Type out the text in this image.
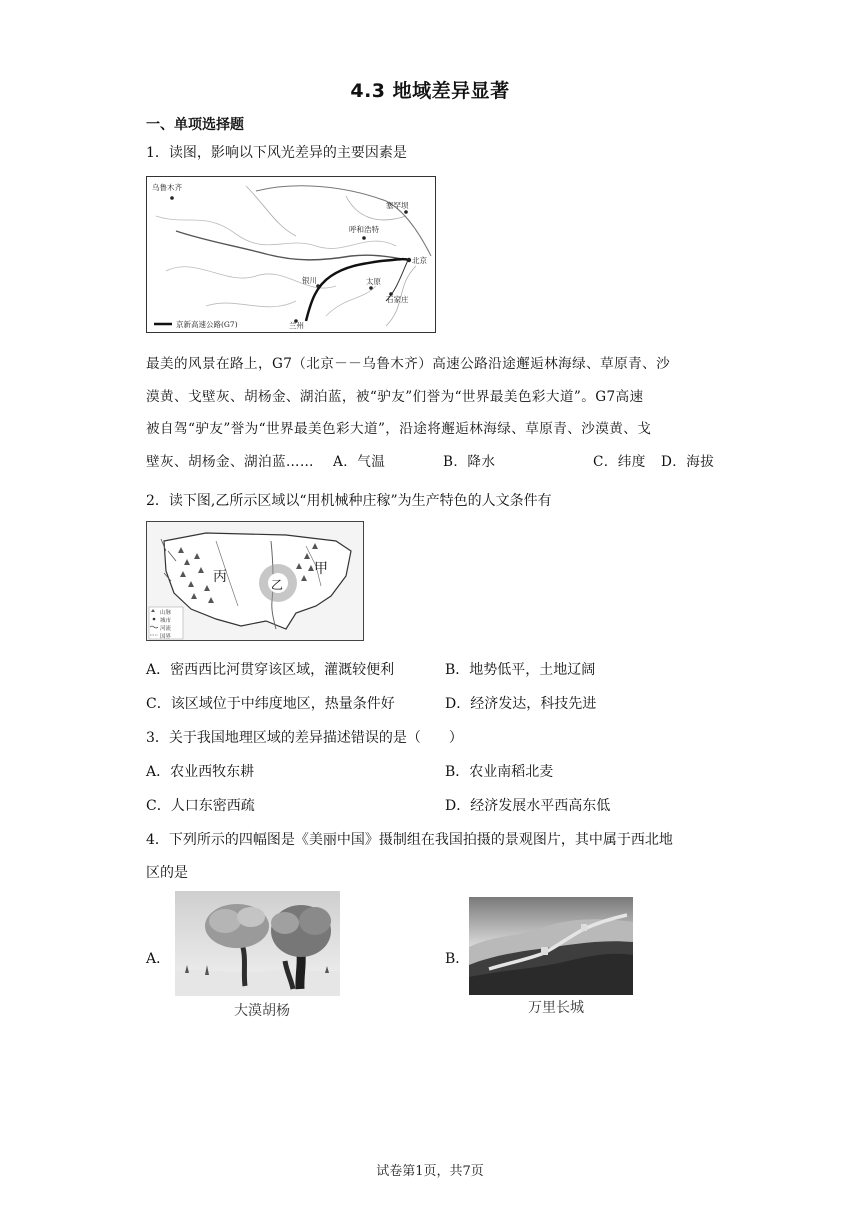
4.3 地域差异显著
一、单项选择题
1．读图，影响以下风光差异的主要因素是
乌鲁木齐
塞罕坝
呼和浩特
北京
银川	太原
石家庄
兰州
京新高速公路(G7)
最美的风景在路上，G7（北京－－乌鲁木齐）高速公路沿途邂逅林海绿、草原青、沙
漠黄、戈壁灰、胡杨金、湖泊蓝，被“驴友”们誉为“世界最美色彩大道”。G7高速
被自驾“驴友”誉为“世界最美色彩大道”，沿途将邂逅林海绿、草原青、沙漠黄、戈
壁灰、胡杨金、湖泊蓝…… A．气温	B．降水	C．纬度 D．海拔
2．读下图,乙所示区域以“用机械种庄稼”为生产特色的人文条件有
丙	乙
甲
山脉
城市
河流
国界
A．密西西比河贯穿该区域，灌溉较便利	B．地势低平，土地辽阔
C．该区域位于中纬度地区，热量条件好	D．经济发达，科技先进
3．关于我国地理区域的差异描述错误的是（　　）
A．农业西牧东耕	B．农业南稻北麦
C．人口东密西疏	D．经济发展水平西高东低
4．下列所示的四幅图是《美丽中国》摄制组在我国拍摄的景观图片，其中属于西北地
区的是
A．
大漠胡杨
B．
万里长城
试卷第1页，共7页
